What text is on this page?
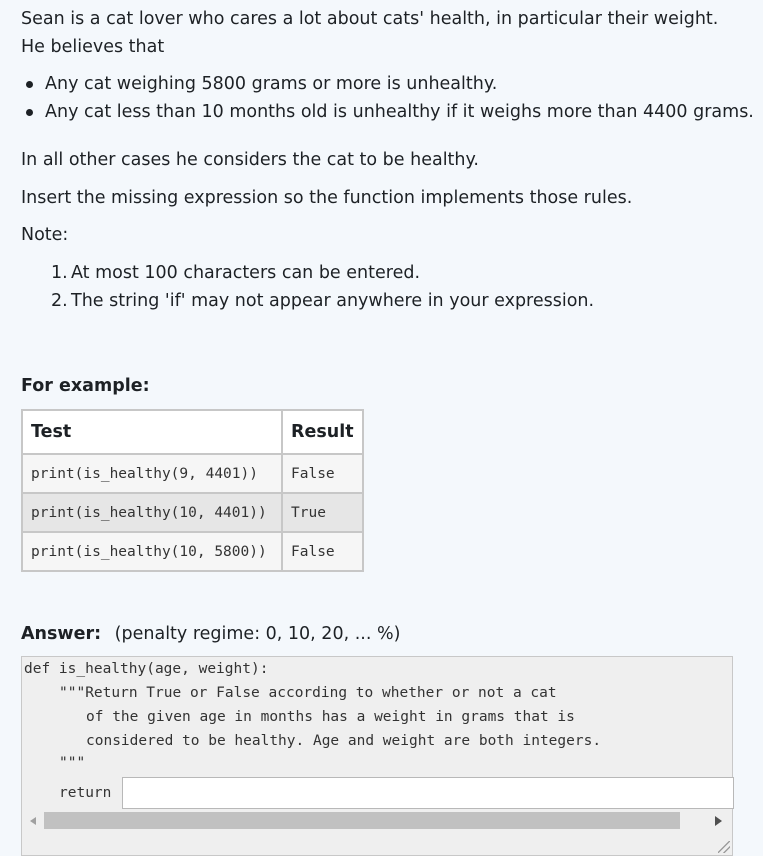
Sean is a cat lover who cares a lot about cats' health, in particular their weight. He believes that

Any cat weighing 5800 grams or more is unhealthy.
Any cat less than 10 months old is unhealthy if it weighs more than 4400 grams.

In all other cases he considers the cat to be healthy.

Insert the missing expression so the function implements those rules.

Note:

1. At most 100 characters can be entered.
2. The string 'if' may not appear anywhere in your expression.

For example:

Test	Result
print(is_healthy(9, 4401))	False
print(is_healthy(10, 4401))	True
print(is_healthy(10, 5800))	False

Answer: (penalty regime: 0, 10, 20, ... %)

def is_healthy(age, weight):
"""Return True or False according to whether or not a cat
of the given age in months has a weight in grams that is
considered to be healthy. Age and weight are both integers.
"""
return
